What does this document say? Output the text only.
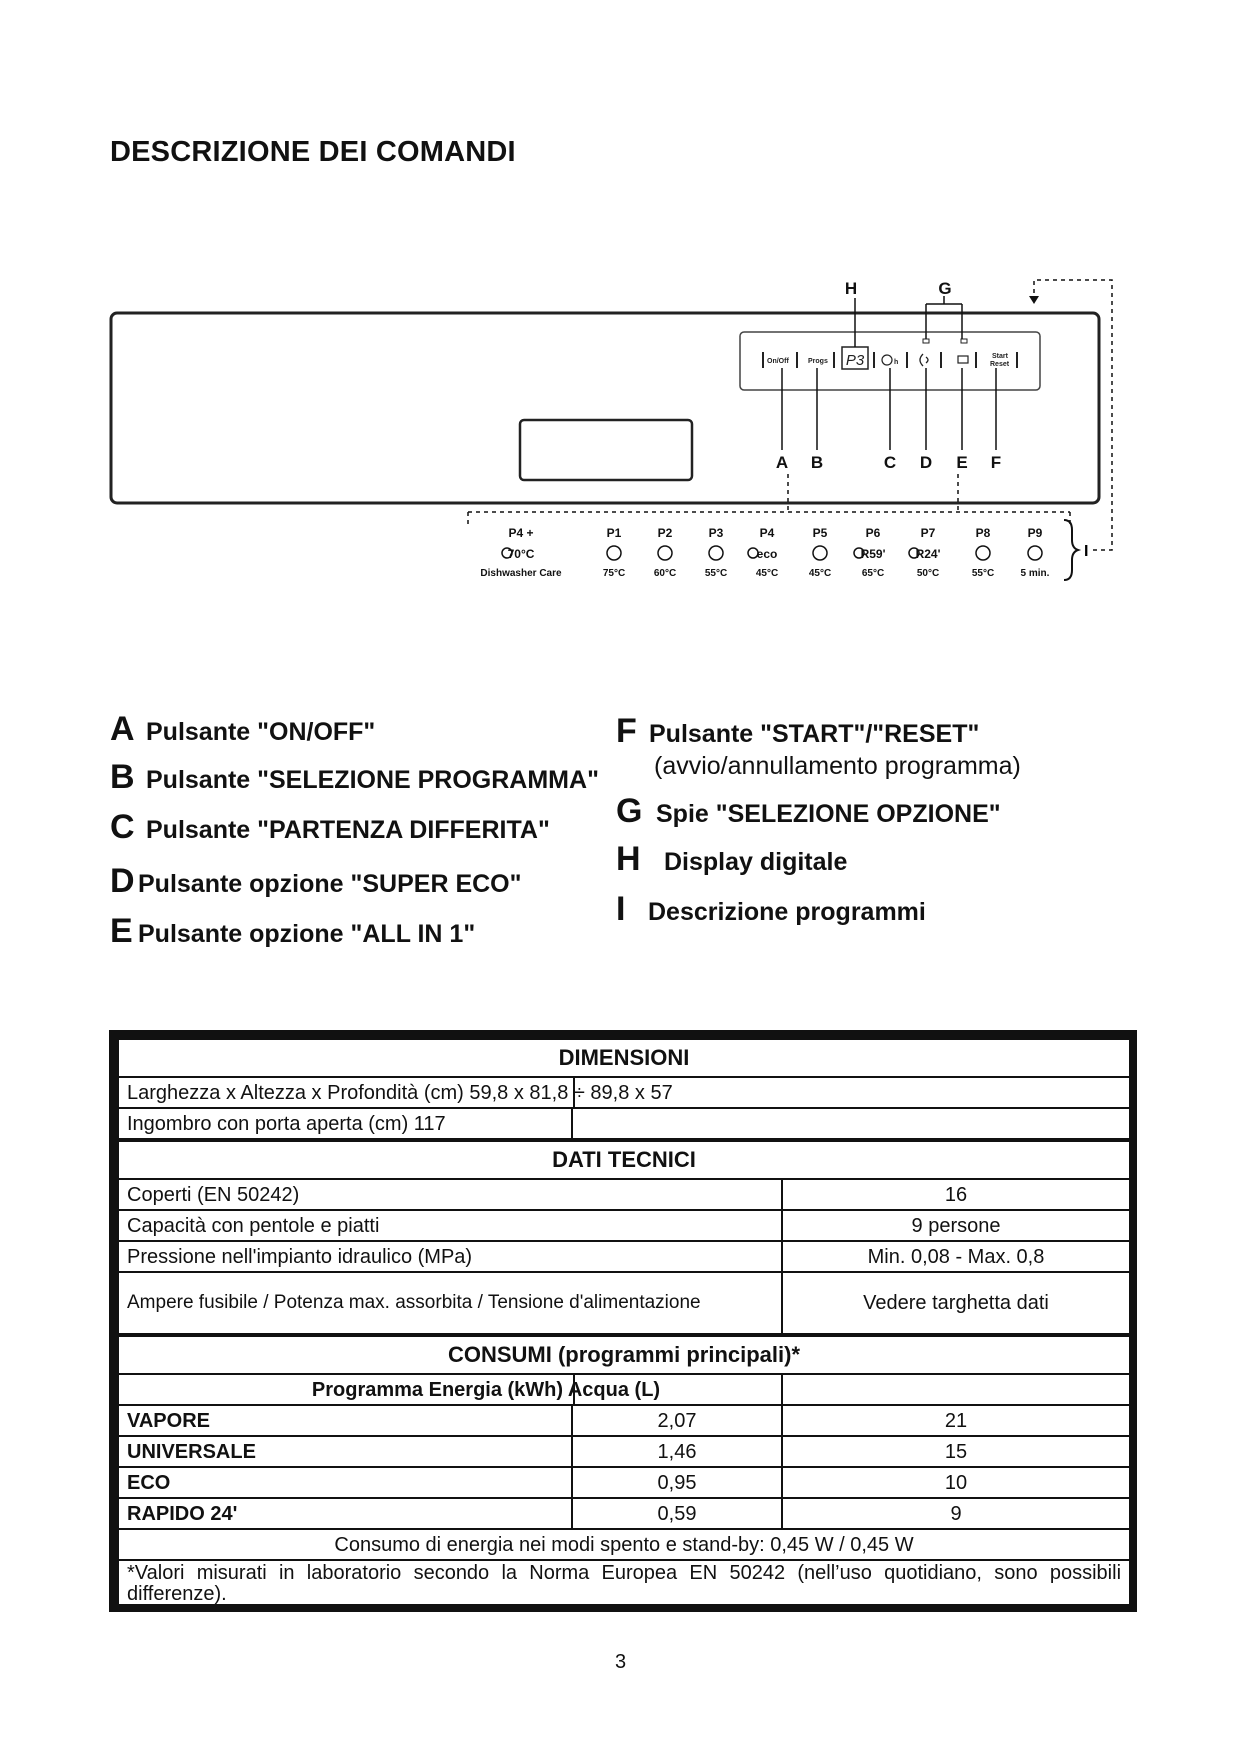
DESCRIZIONE DEI COMANDI
On/Off	Progs P3	h
Start
Reset
H	G
A B	C D E F
P4 +
70°C
Dishwasher Care
P1
75°C
P2
60°C
P3
55°C
P4
eco
45°C
P5
45°C
P6
R59'
65°C
P7
R24'
50°C
P8
55°C
P9
5 min.
I
A Pulsante "ON/OFF"
B Pulsante "SELEZIONE PROGRAMMA"
C Pulsante "PARTENZA DIFFERITA"
D Pulsante opzione "SUPER ECO"
E Pulsante opzione "ALL IN 1"
F Pulsante "START"/"RESET"
(avvio/annullamento programma)
G Spie "SELEZIONE OPZIONE"
H Display digitale
I Descrizione programmi
DIMENSIONI		
Larghezza x Altezza x Profondità (cm) 59,8 x 81,8 ÷ 89,8 x 57		

Ingombro con porta aperta (cm) 117		
DATI TECNICI		
Coperti (EN 50242)		16
Capacità con pentole e piatti		9 persone
Pressione nell'impianto idraulico (MPa)		Min. 0,08 - Max. 0,8
Ampere fusibile / Potenza max. assorbita / Tensione d'alimentazione		Vedere targhetta dati
CONSUMI (programmi principali)*		
Programma Energia (kWh) Acqua (L)	

VAPORE	2,07	21
UNIVERSALE	1,46	15
ECO	0,95	10
RAPIDO 24'	0,59	9
Consumo di energia nei modi spento e stand-by: 0,45 W / 0,45 W		
*Valori misurati in laboratorio secondo la Norma Europea EN 50242 (nell’uso quotidiano, sono possibili differenze).		
3
